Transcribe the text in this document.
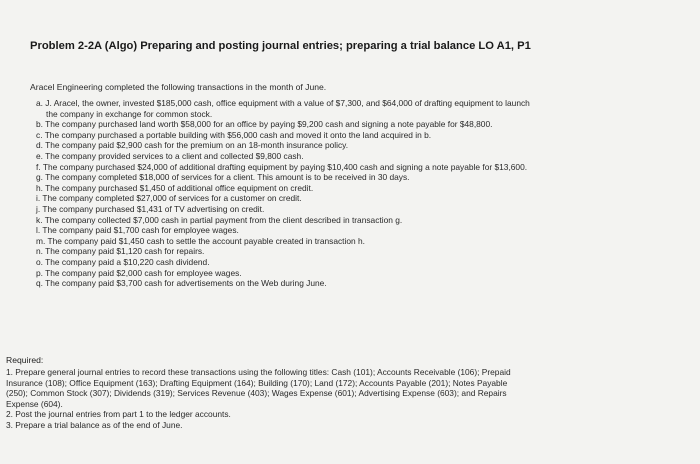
Problem 2-2A (Algo) Preparing and posting journal entries; preparing a trial balance LO A1, P1
Aracel Engineering completed the following transactions in the month of June.
a. J. Aracel, the owner, invested $185,000 cash, office equipment with a value of $7,300, and $64,000 of drafting equipment to launch
the company in exchange for common stock.
b. The company purchased land worth $58,000 for an office by paying $9,200 cash and signing a note payable for $48,800.
c. The company purchased a portable building with $56,000 cash and moved it onto the land acquired in b.
d. The company paid $2,900 cash for the premium on an 18-month insurance policy.
e. The company provided services to a client and collected $9,800 cash.
f. The company purchased $24,000 of additional drafting equipment by paying $10,400 cash and signing a note payable for $13,600.
g. The company completed $18,000 of services for a client. This amount is to be received in 30 days.
h. The company purchased $1,450 of additional office equipment on credit.
i. The company completed $27,000 of services for a customer on credit.
j. The company purchased $1,431 of TV advertising on credit.
k. The company collected $7,000 cash in partial payment from the client described in transaction g.
l. The company paid $1,700 cash for employee wages.
m. The company paid $1,450 cash to settle the account payable created in transaction h.
n. The company paid $1,120 cash for repairs.
o. The company paid a $10,220 cash dividend.
p. The company paid $2,000 cash for employee wages.
q. The company paid $3,700 cash for advertisements on the Web during June.
Required:
1. Prepare general journal entries to record these transactions using the following titles: Cash (101); Accounts Receivable (106); Prepaid
Insurance (108); Office Equipment (163); Drafting Equipment (164); Building (170); Land (172); Accounts Payable (201); Notes Payable
(250); Common Stock (307); Dividends (319); Services Revenue (403); Wages Expense (601); Advertising Expense (603); and Repairs
Expense (604).
2. Post the journal entries from part 1 to the ledger accounts.
3. Prepare a trial balance as of the end of June.
